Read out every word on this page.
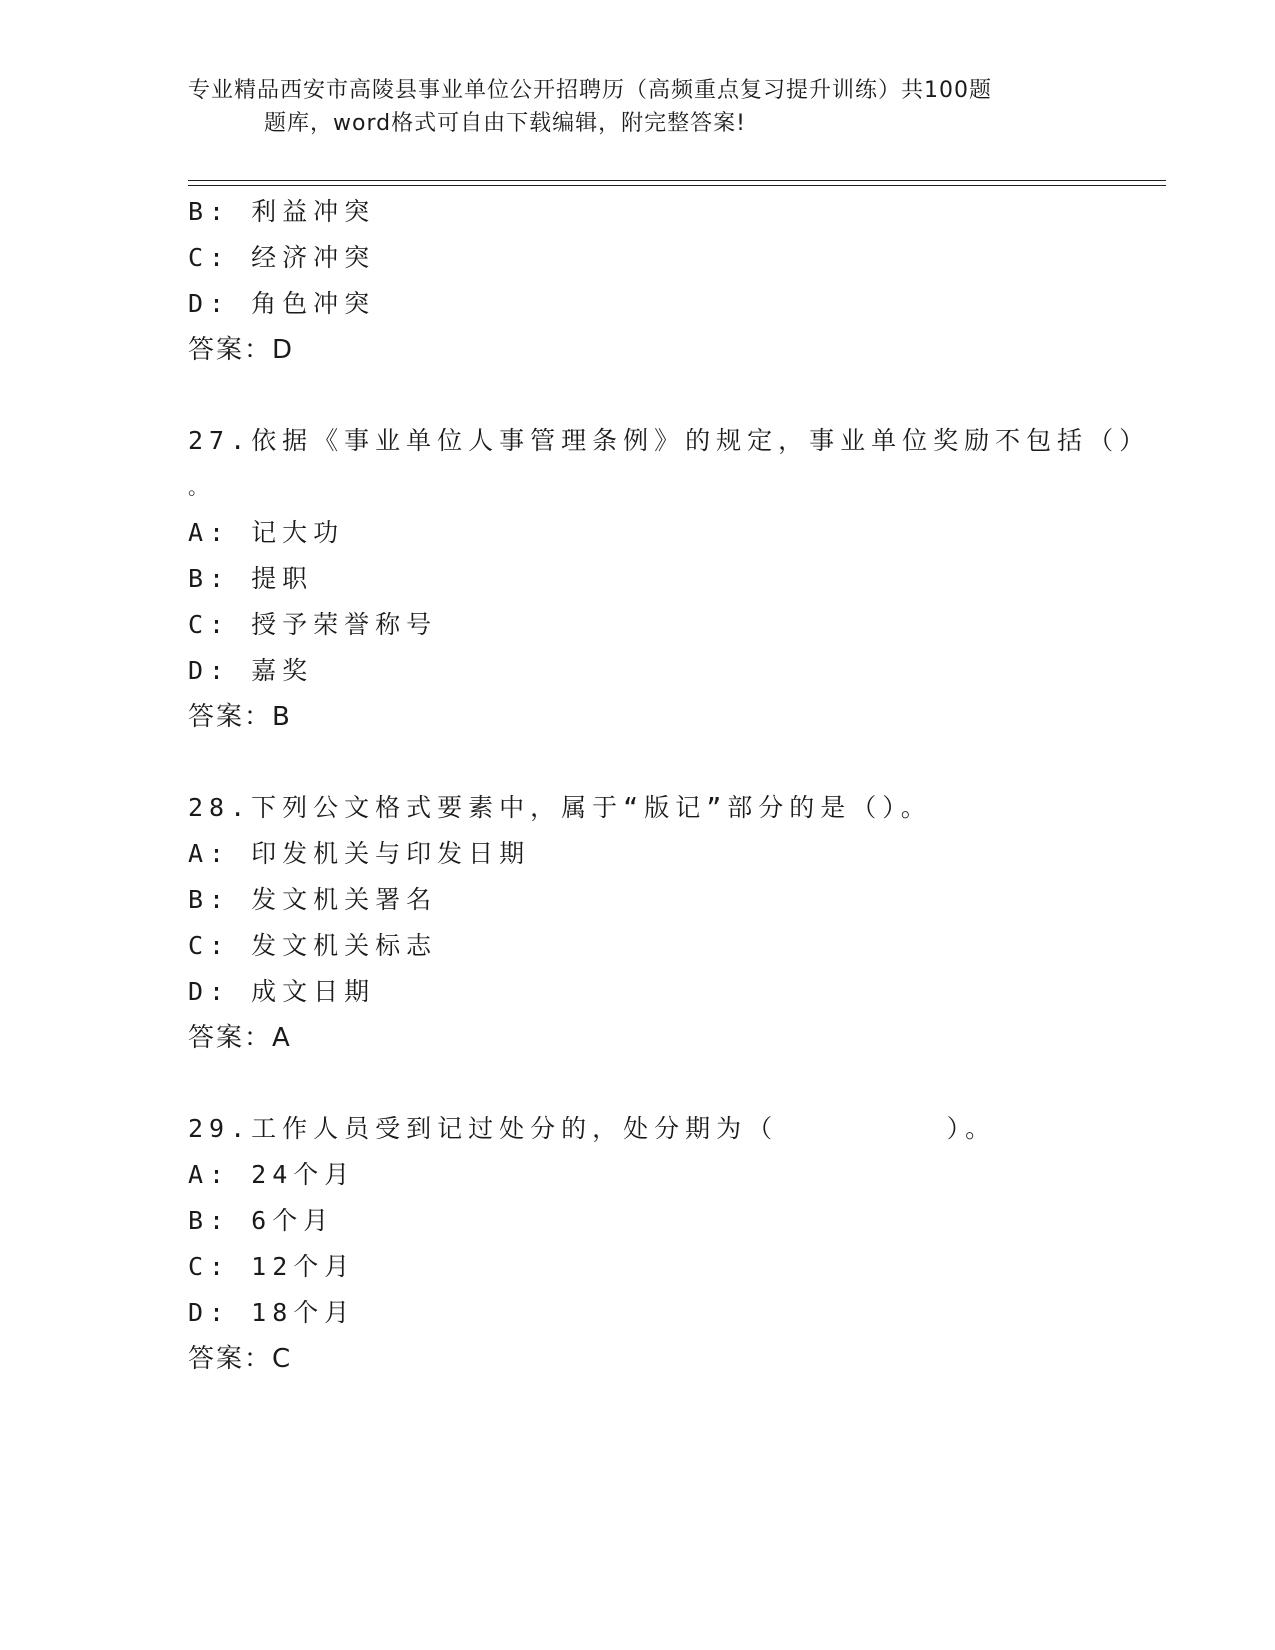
专业精品西安市高陵县事业单位公开招聘历（高频重点复习提升训练）共100题
题库，word格式可自由下载编辑，附完整答案!
B: 利益冲突
C: 经济冲突
D: 角色冲突
答案：D
27.依据《事业单位人事管理条例》的规定，事业单位奖励不包括（）
。
A: 记大功
B: 提职
C: 授予荣誉称号
D: 嘉奖
答案：B
28.下列公文格式要素中，属于“版记”部分的是（）。
A: 印发机关与印发日期
B: 发文机关署名
C: 发文机关标志
D: 成文日期
答案：A
29.工作人员受到记过处分的，处分期为（        ）。
A: 24个月
B: 6个月
C: 12个月
D: 18个月
答案：C
